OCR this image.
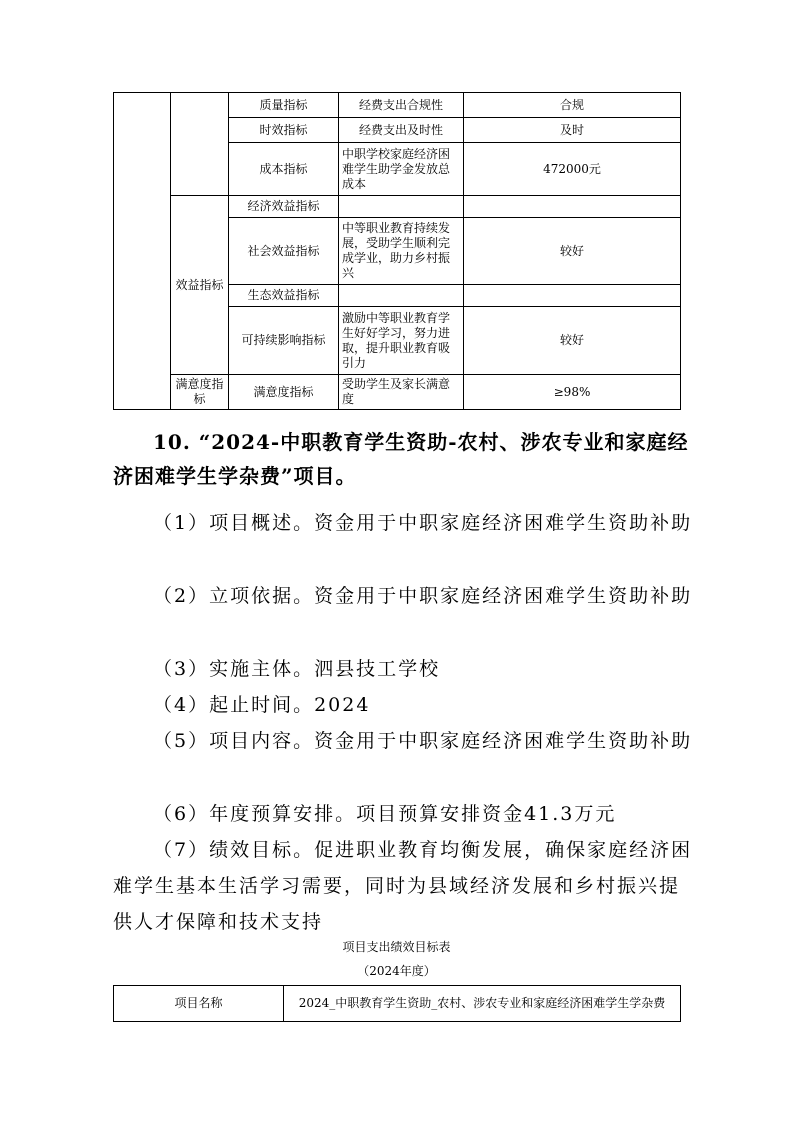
		质量指标	经费支出合规性	合规
		时效指标	经费支出及时性	及时
		成本指标	中职学校家庭经济困难学生助学金发放总成本	472000元
	效益指标	经济效益指标		
		社会效益指标	中等职业教育持续发展，受助学生顺利完成学业，助力乡村振兴	较好
		生态效益指标		
		可持续影响指标	激励中等职业教育学生好好学习，努力进取，提升职业教育吸引力	较好
	满意度指标	满意度指标	受助学生及家长满意度	≥98%
10. “2024-中职教育学生资助-农村、涉农专业和家庭经济困难学生学杂费”项目。
（1）项目概述。资金用于中职家庭经济困难学生资助补助
（2）立项依据。资金用于中职家庭经济困难学生资助补助
（3）实施主体。泗县技工学校
（4）起止时间。2024
（5）项目内容。资金用于中职家庭经济困难学生资助补助
（6）年度预算安排。项目预算安排资金41.3万元
（7）绩效目标。促进职业教育均衡发展，确保家庭经济困难学生基本生活学习需要，同时为县域经济发展和乡村振兴提供人才保障和技术支持
项目支出绩效目标表
（2024年度）
项目名称	2024_中职教育学生资助_农村、涉农专业和家庭经济困难学生学杂费
